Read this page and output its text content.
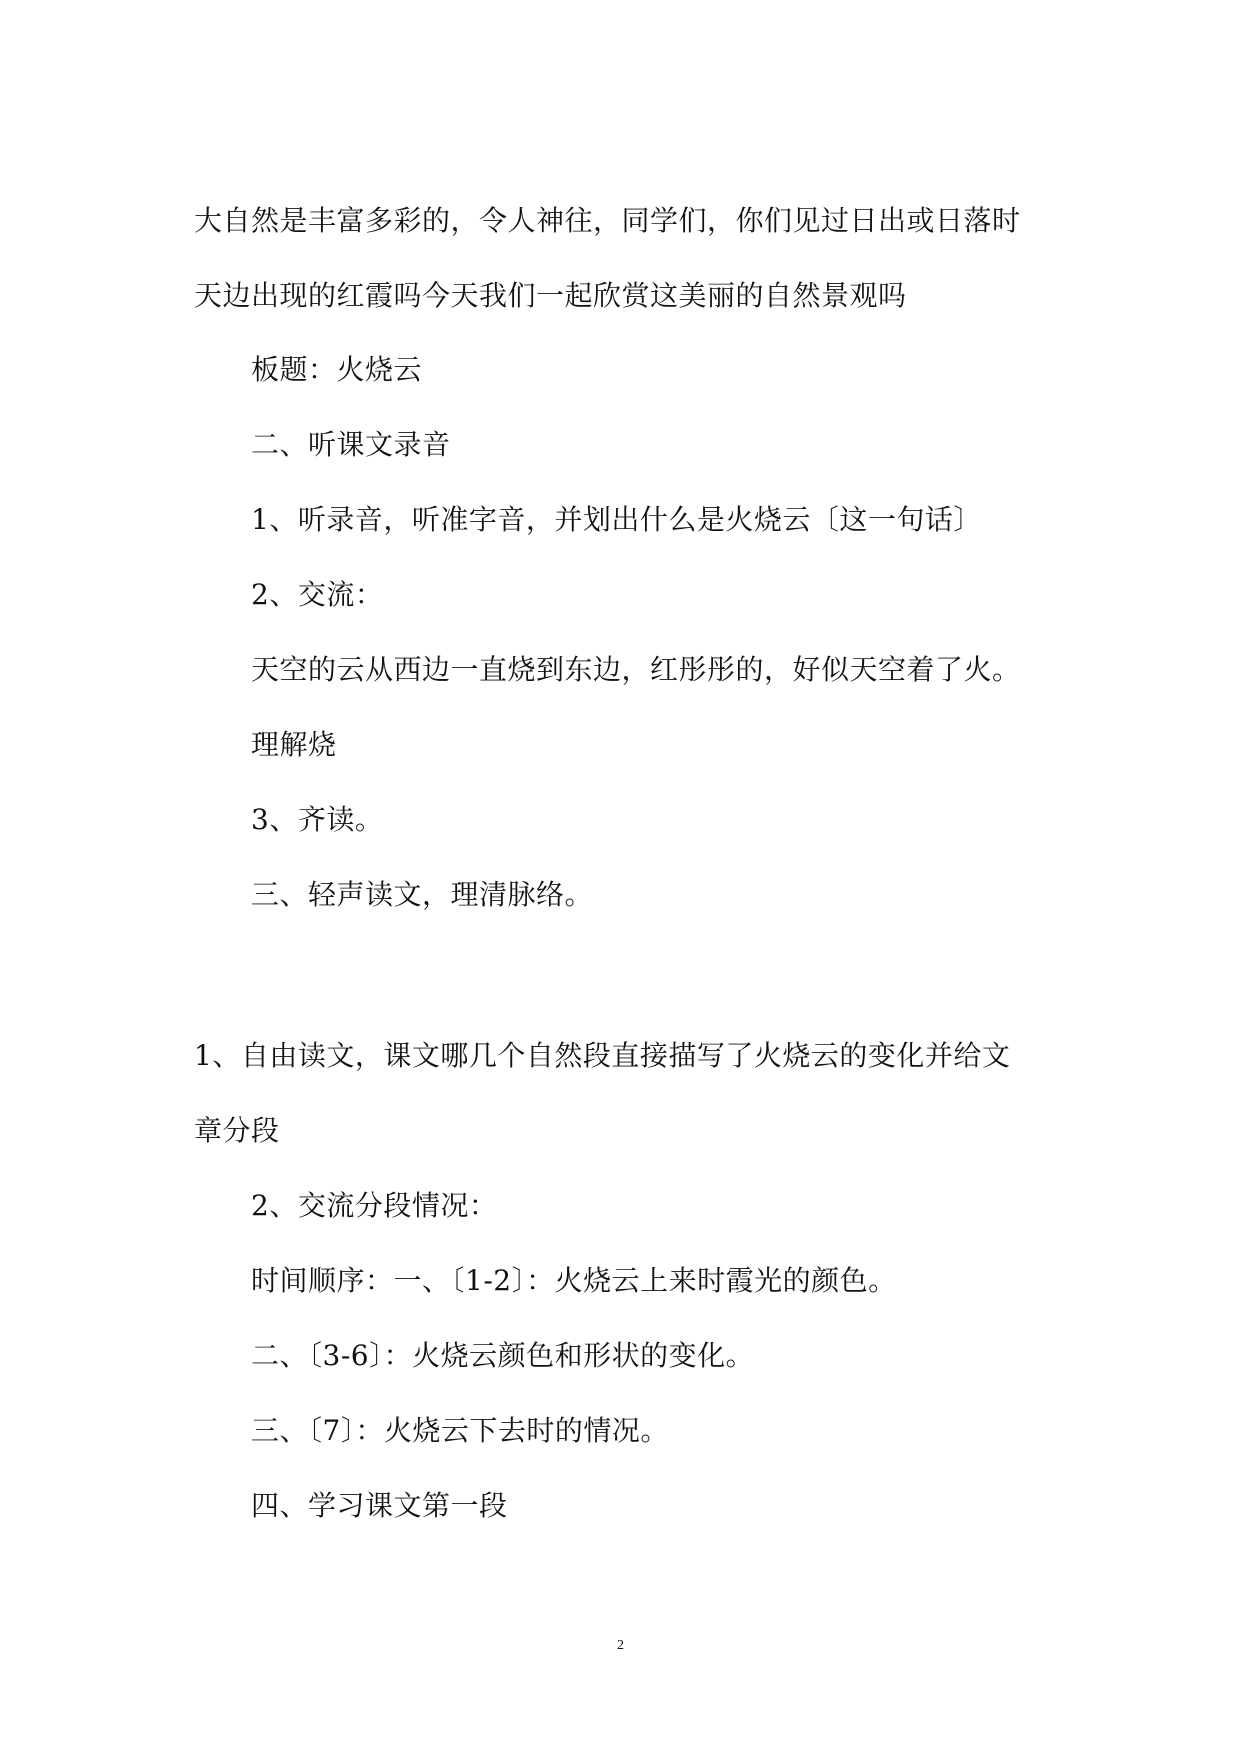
大自然是丰富多彩的，令人神往，同学们，你们见过日出或日落时

天边出现的红霞吗今天我们一起欣赏这美丽的自然景观吗

板题：火烧云

二、听课文录音

1、听录音，听准字音，并划出什么是火烧云〔这一句话〕

2、交流：

天空的云从西边一直烧到东边，红彤彤的，好似天空着了火。

理解烧

3、齐读。

三、轻声读文，理清脉络。

1、自由读文，课文哪几个自然段直接描写了火烧云的变化并给文

章分段

2、交流分段情况：

时间顺序：一、〔1-2〕：火烧云上来时霞光的颜色。

二、〔3-6〕：火烧云颜色和形状的变化。

三、〔7〕：火烧云下去时的情况。

四、学习课文第一段

2
